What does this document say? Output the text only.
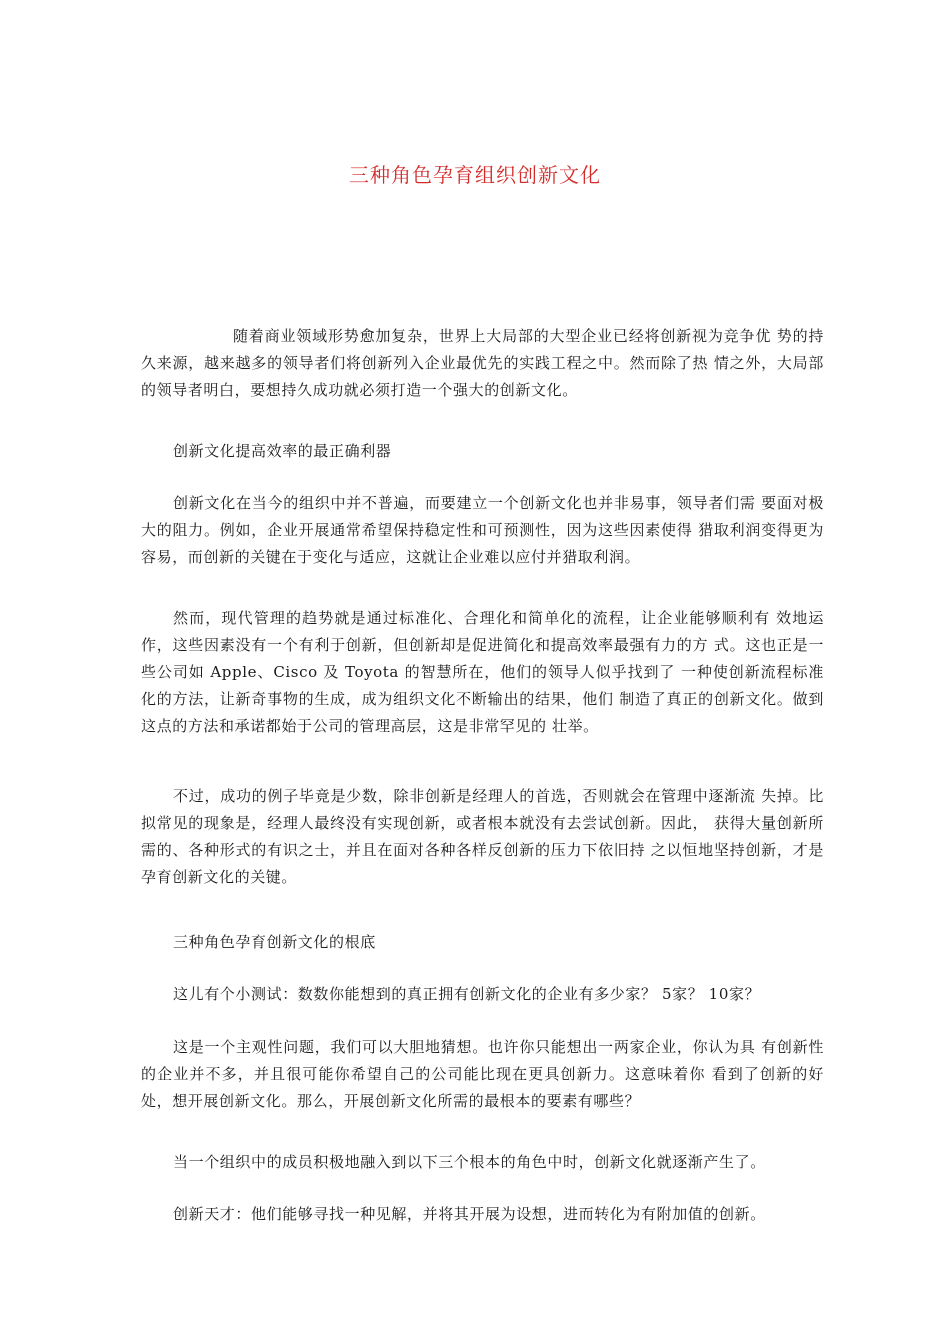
三种角色孕育组织创新文化

随着商业领域形势愈加复杂，世界上大局部的大型企业已经将创新视为竞争优 势的持久来源，越来越多的领导者们将创新列入企业最优先的实践工程之中。然而除了热 情之外，大局部的领导者明白，要想持久成功就必须打造一个强大的创新文化。

创新文化提高效率的最正确利器

创新文化在当今的组织中并不普遍，而要建立一个创新文化也并非易事，领导者们需 要面对极大的阻力。例如，企业开展通常希望保持稳定性和可预测性，因为这些因素使得 猎取利润变得更为容易，而创新的关键在于变化与适应，这就让企业难以应付并猎取利润。

然而，现代管理的趋势就是通过标准化、合理化和简单化的流程，让企业能够顺利有 效地运作，这些因素没有一个有利于创新，但创新却是促进简化和提高效率最强有力的方 式。这也正是一些公司如 Apple、Cisco 及 Toyota 的智慧所在，他们的领导人似乎找到了 一种使创新流程标准化的方法，让新奇事物的生成，成为组织文化不断输出的结果，他们 制造了真正的创新文化。做到这点的方法和承诺都始于公司的管理高层，这是非常罕见的 壮举。

不过，成功的例子毕竟是少数，除非创新是经理人的首选，否则就会在管理中逐渐流 失掉。比拟常见的现象是，经理人最终没有实现创新，或者根本就没有去尝试创新。因此， 获得大量创新所需的、各种形式的有识之士，并且在面对各种各样反创新的压力下依旧持 之以恒地坚持创新，才是孕育创新文化的关键。

三种角色孕育创新文化的根底

这儿有个小测试：数数你能想到的真正拥有创新文化的企业有多少家？ 5家？ 10家？

这是一个主观性问题，我们可以大胆地猜想。也许你只能想出一两家企业，你认为具 有创新性的企业并不多，并且很可能你希望自己的公司能比现在更具创新力。这意味着你 看到了创新的好处，想开展创新文化。那么，开展创新文化所需的最根本的要素有哪些？

当一个组织中的成员积极地融入到以下三个根本的角色中时，创新文化就逐渐产生了。

创新天才：他们能够寻找一种见解，并将其开展为设想，进而转化为有附加值的创新。
